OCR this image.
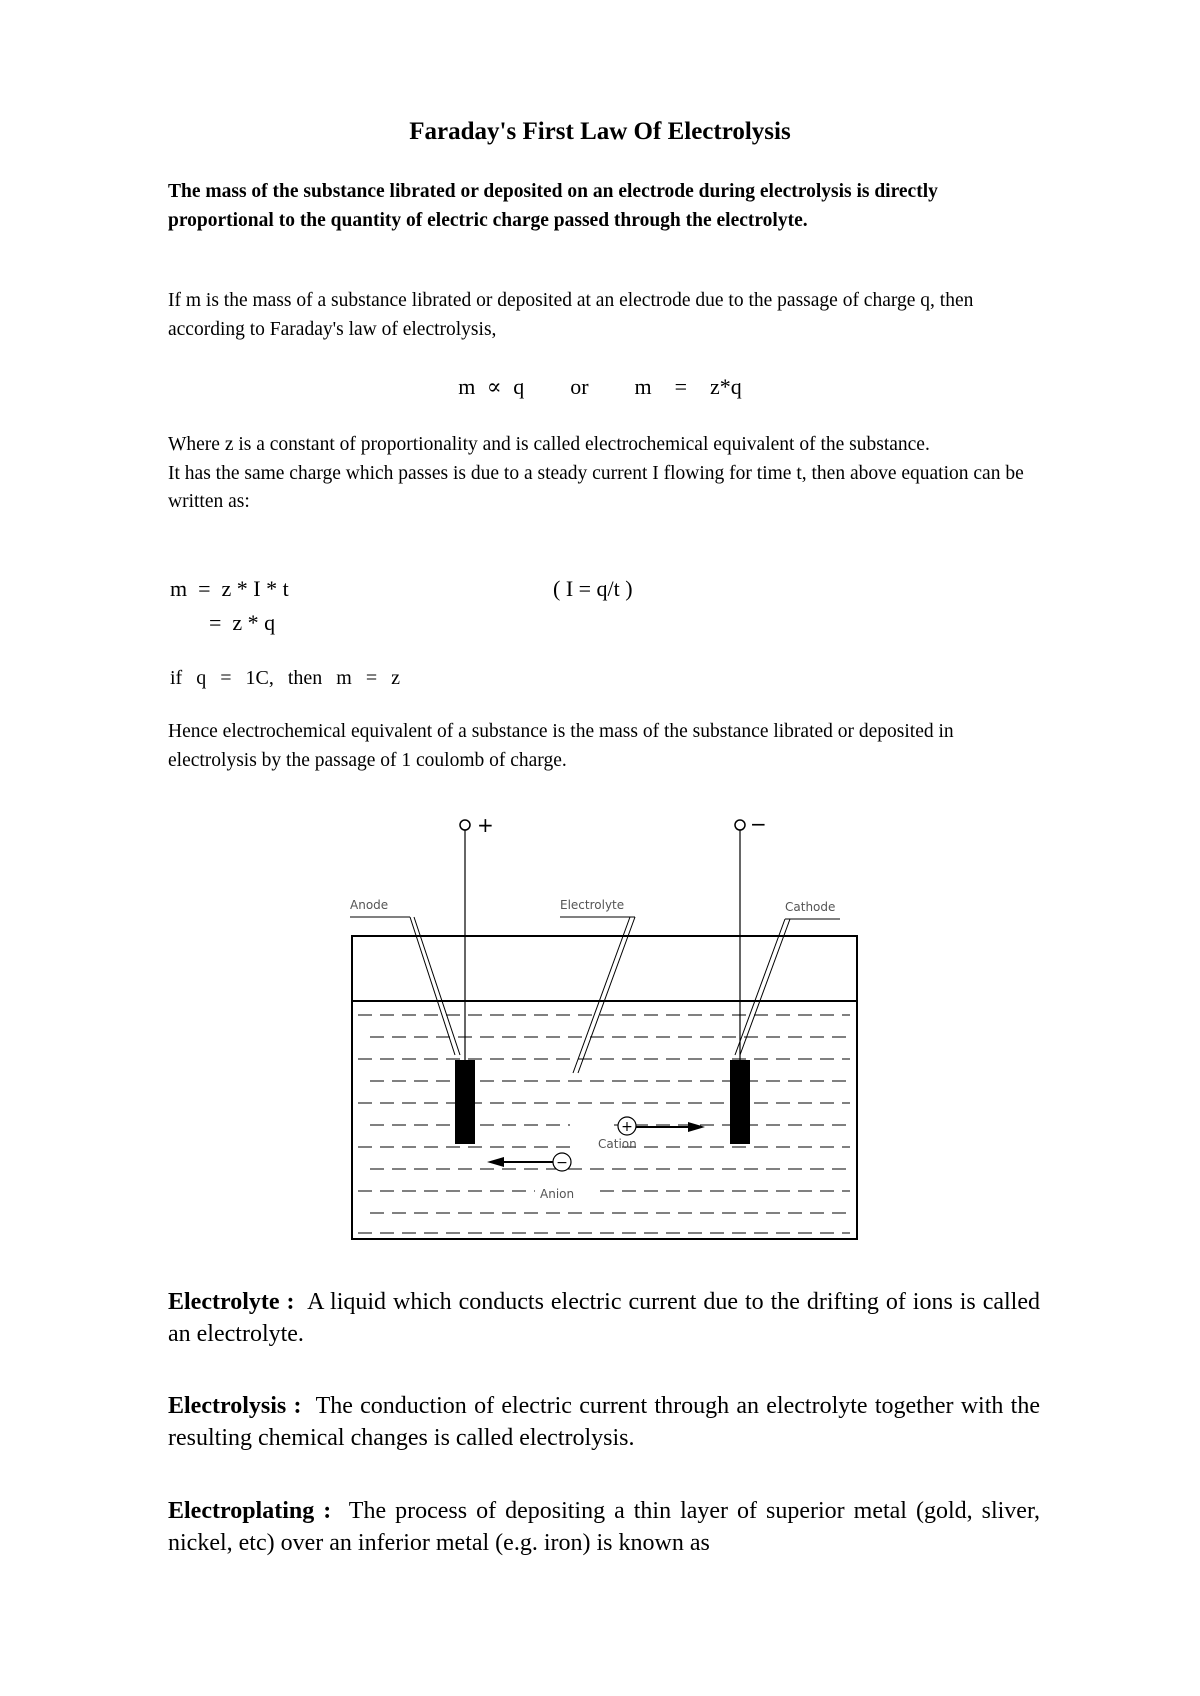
Faraday's First Law Of Electrolysis
The mass of the substance librated or deposited on an electrode during electrolysis is directly proportional to the quantity of electric charge passed through the electrolyte.
If m is the mass of a substance librated or deposited at an electrode due to the passage of charge q, then according to Faraday's law of electrolysis,
m ∝ q    or    m  =  z*q
Where z is a constant of proportionality and is called electrochemical equivalent of the substance.
It has the same charge which passes is due to a steady current I flowing for time t, then above equation can be written as:
m  =  z * I * t	( I = q/t )
=  z * q
if  q  =  1C,  then  m  =  z
Hence electrochemical equivalent of a substance is the mass of the substance librated or deposited in electrolysis by the passage of 1 coulomb of charge.
+	−
Anode	Electrolyte	Cathode
+
Cation
−
Anion
Electrolyte : A liquid which conducts electric current due to the drifting of ions is called an electrolyte.
Electrolysis : The conduction of electric current through an electrolyte together with the resulting chemical changes is called electrolysis.
Electroplating : The process of depositing a thin layer of superior metal (gold, sliver, nickel, etc) over an inferior metal (e.g. iron) is known as
